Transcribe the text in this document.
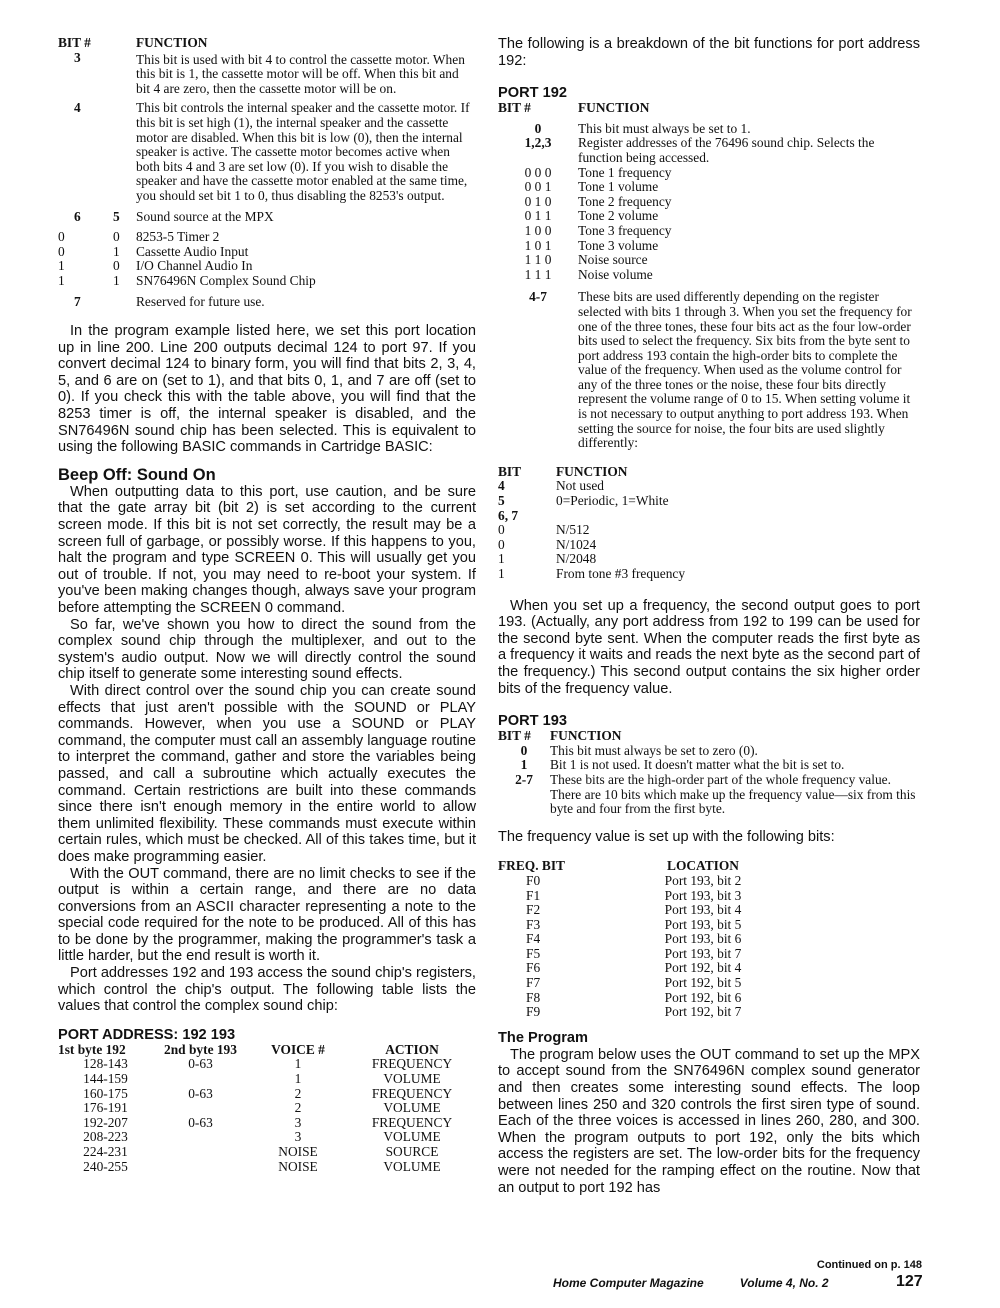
BIT #		FUNCTION
3		This bit is used with bit 4 to control the cassette motor. When this bit is 1, the cassette motor will be off. When this bit and bit 4 are zero, then the cassette motor will be on.
4		This bit controls the internal speaker and the cassette motor. If this bit is set high (1), the internal speaker and the cassette motor are disabled. When this bit is low (0), then the internal speaker is active. The cassette motor becomes active when both bits 4 and 3 are set low (0). If you wish to disable the speaker and have the cassette motor enabled at the same time, you should set bit 1 to 0, thus disabling the 8253's output.
6	5	Sound source at the MPX
0	0	8253-5 Timer 2
0	1	Cassette Audio Input
1	0	I/O Channel Audio In
1	1	SN76496N Complex Sound Chip
7		Reserved for future use.

In the program example listed here, we set this port location up in line 200. Line 200 outputs decimal 124 to port 97. If you convert decimal 124 to binary form, you will find that bits 2, 3, 4, 5, and 6 are on (set to 1), and that bits 0, 1, and 7 are off (set to 0). If you check this with the table above, you will find that the 8253 timer is off, the internal speaker is disabled, and the SN76496N sound chip has been selected. This is equivalent to using the following BASIC commands in Cartridge BASIC:

Beep Off: Sound On

When outputting data to this port, use caution, and be sure that the gate array bit (bit 2) is set according to the current screen mode. If this bit is not set correctly, the result may be a screen full of garbage, or possibly worse. If this happens to you, halt the program and type SCREEN 0. This will usually get you out of trouble. If not, you may need to re-boot your system. If you've been making changes though, always save your program before attempting the SCREEN 0 command.

So far, we've shown you how to direct the sound from the complex sound chip through the multiplexer, and out to the system's audio output. Now we will directly control the sound chip itself to generate some interesting sound effects.

With direct control over the sound chip you can create sound effects that just aren't possible with the SOUND or PLAY commands. However, when you use a SOUND or PLAY command, the computer must call an assembly language routine to interpret the command, gather and store the variables being passed, and call a subroutine which actually executes the command. Certain restrictions are built into these commands since there isn't enough memory in the entire world to allow them unlimited flexibility. These commands must execute within certain rules, which must be checked. All of this takes time, but it does make programming easier.

With the OUT command, there are no limit checks to see if the output is within a certain range, and there are no data conversions from an ASCII character representing a note to the special code required for the note to be produced. All of this has to be done by the programmer, making the programmer's task a little harder, but the end result is worth it.

Port addresses 192 and 193 access the sound chip's registers, which control the chip's output. The following table lists the values that control the complex sound chip:

PORT ADDRESS: 192 193

1st byte 192	2nd byte 193	VOICE #	ACTION
128-143	0-63	1	FREQUENCY
144-159		1	VOLUME
160-175	0-63	2	FREQUENCY
176-191		2	VOLUME
192-207	0-63	3	FREQUENCY
208-223		3	VOLUME
224-231		NOISE	SOURCE
240-255		NOISE	VOLUME

The following is a breakdown of the bit functions for port address 192:

PORT 192

BIT #	FUNCTION

0	This bit must always be set to 1.
1,2,3	Register addresses of the 76496 sound chip. Selects the function being accessed.
0 0 0	Tone 1 frequency
0 0 1	Tone 1 volume
0 1 0	Tone 2 frequency
0 1 1	Tone 2 volume
1 0 0	Tone 3 frequency
1 0 1	Tone 3 volume
1 1 0	Noise source
1 1 1	Noise volume

4-7	These bits are used differently depending on the register selected with bits 1 through 3. When you set the frequency for one of the three tones, these four bits act as the four low-order bits used to select the frequency. Six bits from the byte sent to port address 193 contain the high-order bits to complete the value of the frequency. When used as the volume control for any of the three tones or the noise, these four bits directly represent the volume range of 0 to 15. When setting volume it is not necessary to output anything to port address 193. When setting the source for noise, the four bits are used slightly differently:
BIT	FUNCTION
4	Not used
5	0=Periodic, 1=White
6, 7	
0	N/512
0	N/1024
1	N/2048
1	From tone #3 frequency

When you set up a frequency, the second output goes to port 193. (Actually, any port address from 192 to 199 can be used for the second byte sent. When the computer reads the first byte as a frequency it waits and reads the next byte as the second part of the frequency.) This second output contains the six higher order bits of the frequency value.

PORT 193

BIT #	FUNCTION
0	This bit must always be set to zero (0).
1	Bit 1 is not used. It doesn't matter what the bit is set to.
2-7	These bits are the high-order part of the whole frequency value. There are 10 bits which make up the frequency value—six from this byte and four from the first byte.

The frequency value is set up with the following bits:

FREQ. BIT	LOCATION
F0	Port 193, bit 2
F1	Port 193, bit 3
F2	Port 193, bit 4
F3	Port 193, bit 5
F4	Port 193, bit 6
F5	Port 193, bit 7
F6	Port 192, bit 4
F7	Port 192, bit 5
F8	Port 192, bit 6
F9	Port 192, bit 7

The Program

The program below uses the OUT command to set up the MPX to accept sound from the SN76496N complex sound generator and then creates some interesting sound effects. The loop between lines 250 and 320 controls the first siren type of sound. Each of the three voices is accessed in lines 260, 280, and 300. When the program outputs to port 192, only the bits which access the registers are set. The low-order bits for the frequency were not needed for the ramping effect on the routine. Now that an output to port 192 has

Continued on p. 148
Home Computer Magazine	Volume 4, No. 2	127
